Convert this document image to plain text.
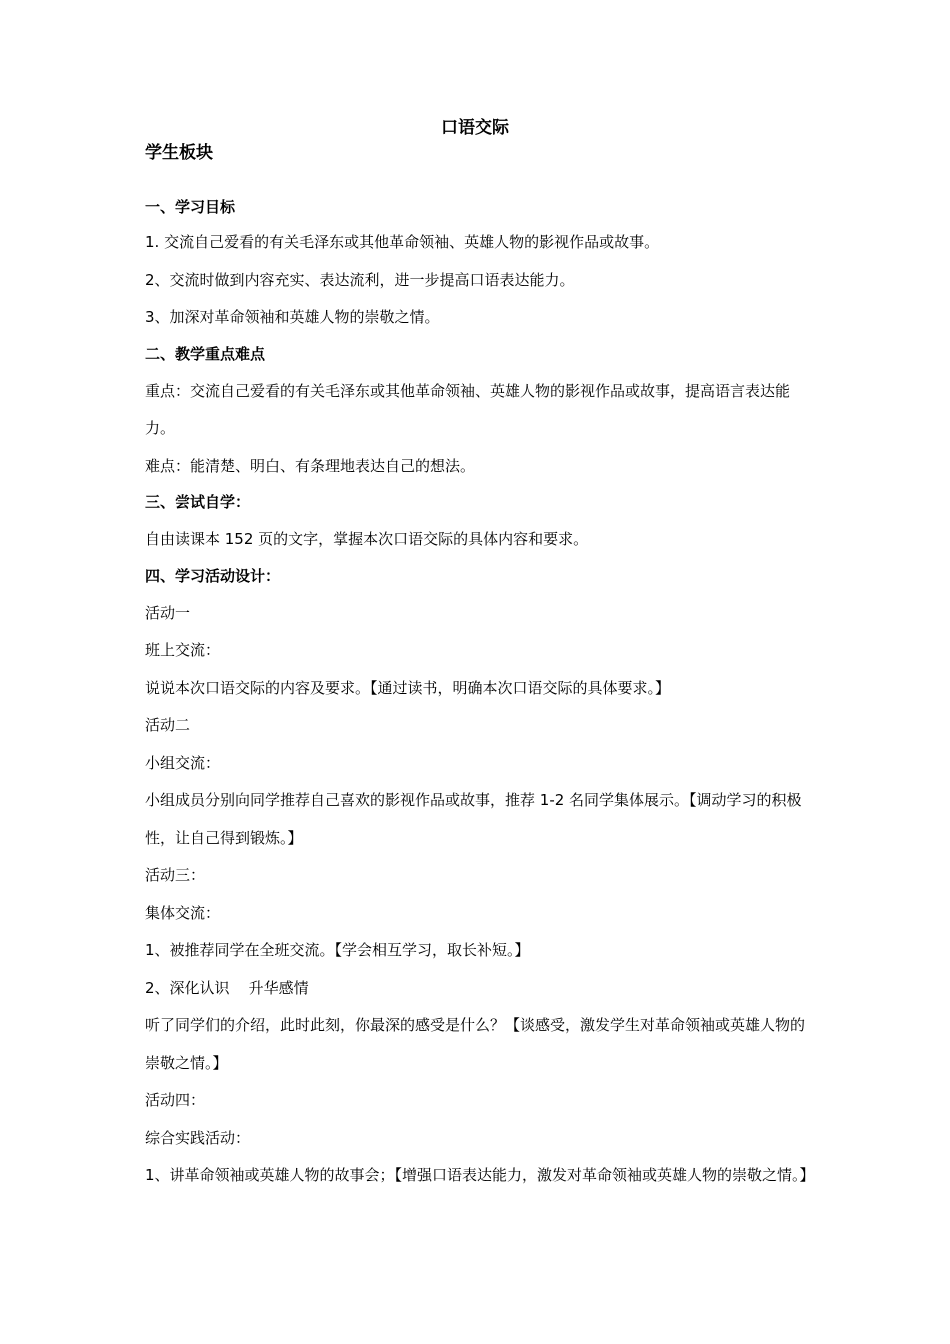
口语交际
学生板块
一、学习目标
1. 交流自己爱看的有关毛泽东或其他革命领袖、英雄人物的影视作品或故事。
2、交流时做到内容充实、表达流利，进一步提高口语表达能力。
3、加深对革命领袖和英雄人物的崇敬之情。
二、教学重点难点
重点：交流自己爱看的有关毛泽东或其他革命领袖、英雄人物的影视作品或故事，提高语言表达能力。
难点：能清楚、明白、有条理地表达自己的想法。
三、尝试自学：
自由读课本 152 页的文字，掌握本次口语交际的具体内容和要求。
四、学习活动设计：
活动一
班上交流：
说说本次口语交际的内容及要求。【通过读书，明确本次口语交际的具体要求。】
活动二
小组交流：
小组成员分别向同学推荐自己喜欢的影视作品或故事，推荐 1-2 名同学集体展示。【调动学习的积极性，让自己得到锻炼。】
活动三：
集体交流：
1、被推荐同学在全班交流。【学会相互学习，取长补短。】
2、深化认识    升华感情
听了同学们的介绍，此时此刻，你最深的感受是什么？【谈感受，激发学生对革命领袖或英雄人物的崇敬之情。】
活动四：
综合实践活动：
1、讲革命领袖或英雄人物的故事会；【增强口语表达能力，激发对革命领袖或英雄人物的崇敬之情。】
